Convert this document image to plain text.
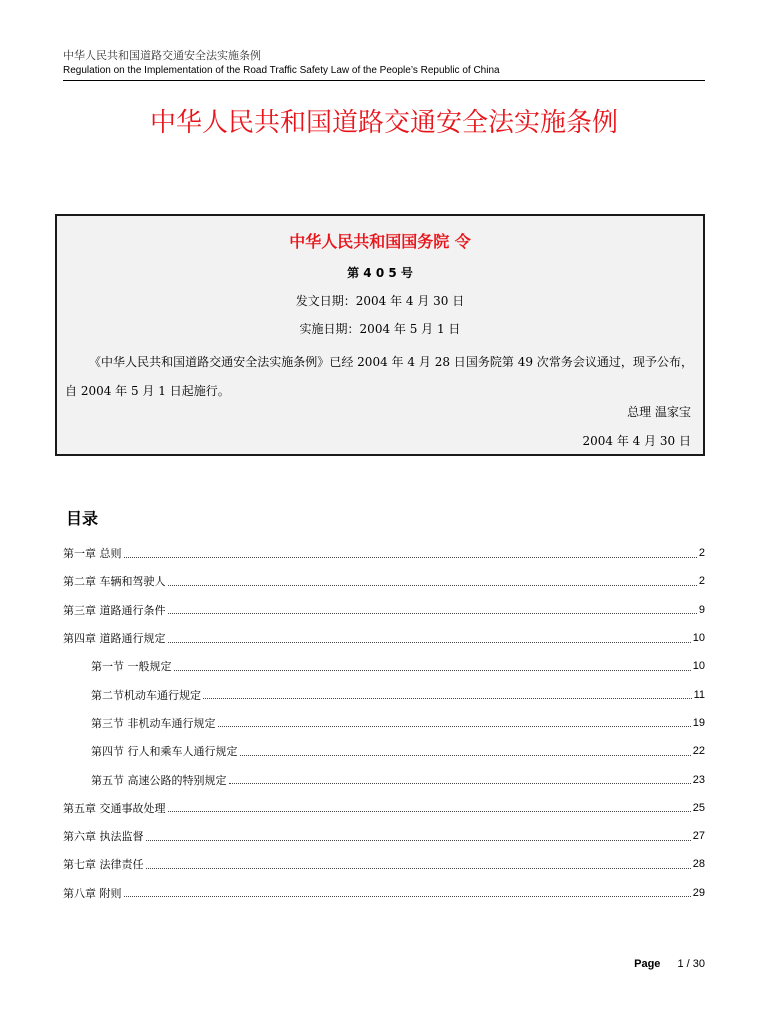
中华人民共和国道路交通安全法实施条例
Regulation on the Implementation of the Road Traffic Safety Law of the People’s Republic of China
中华人民共和国道路交通安全法实施条例
中华人民共和国国务院 令
第 4 0 5 号
发文日期：2004 年 4 月 30 日
实施日期：2004 年 5 月 1 日
《中华人民共和国道路交通安全法实施条例》已经 2004 年 4 月 28 日国务院第 49 次常务会议通过，现予公布，自 2004 年 5 月 1 日起施行。
总理 温家宝
2004 年 4 月 30 日
目录
第一章 总则	2
第二章 车辆和驾驶人	2
第三章 道路通行条件	9
第四章 道路通行规定	10
第一节 一般规定	10
第二节机动车通行规定	11
第三节 非机动车通行规定	19
第四节 行人和乘车人通行规定	22
第五节 高速公路的特别规定	23
第五章 交通事故处理	25
第六章 执法监督	27
第七章 法律责任	28
第八章 附则	29
Page 1 / 30
